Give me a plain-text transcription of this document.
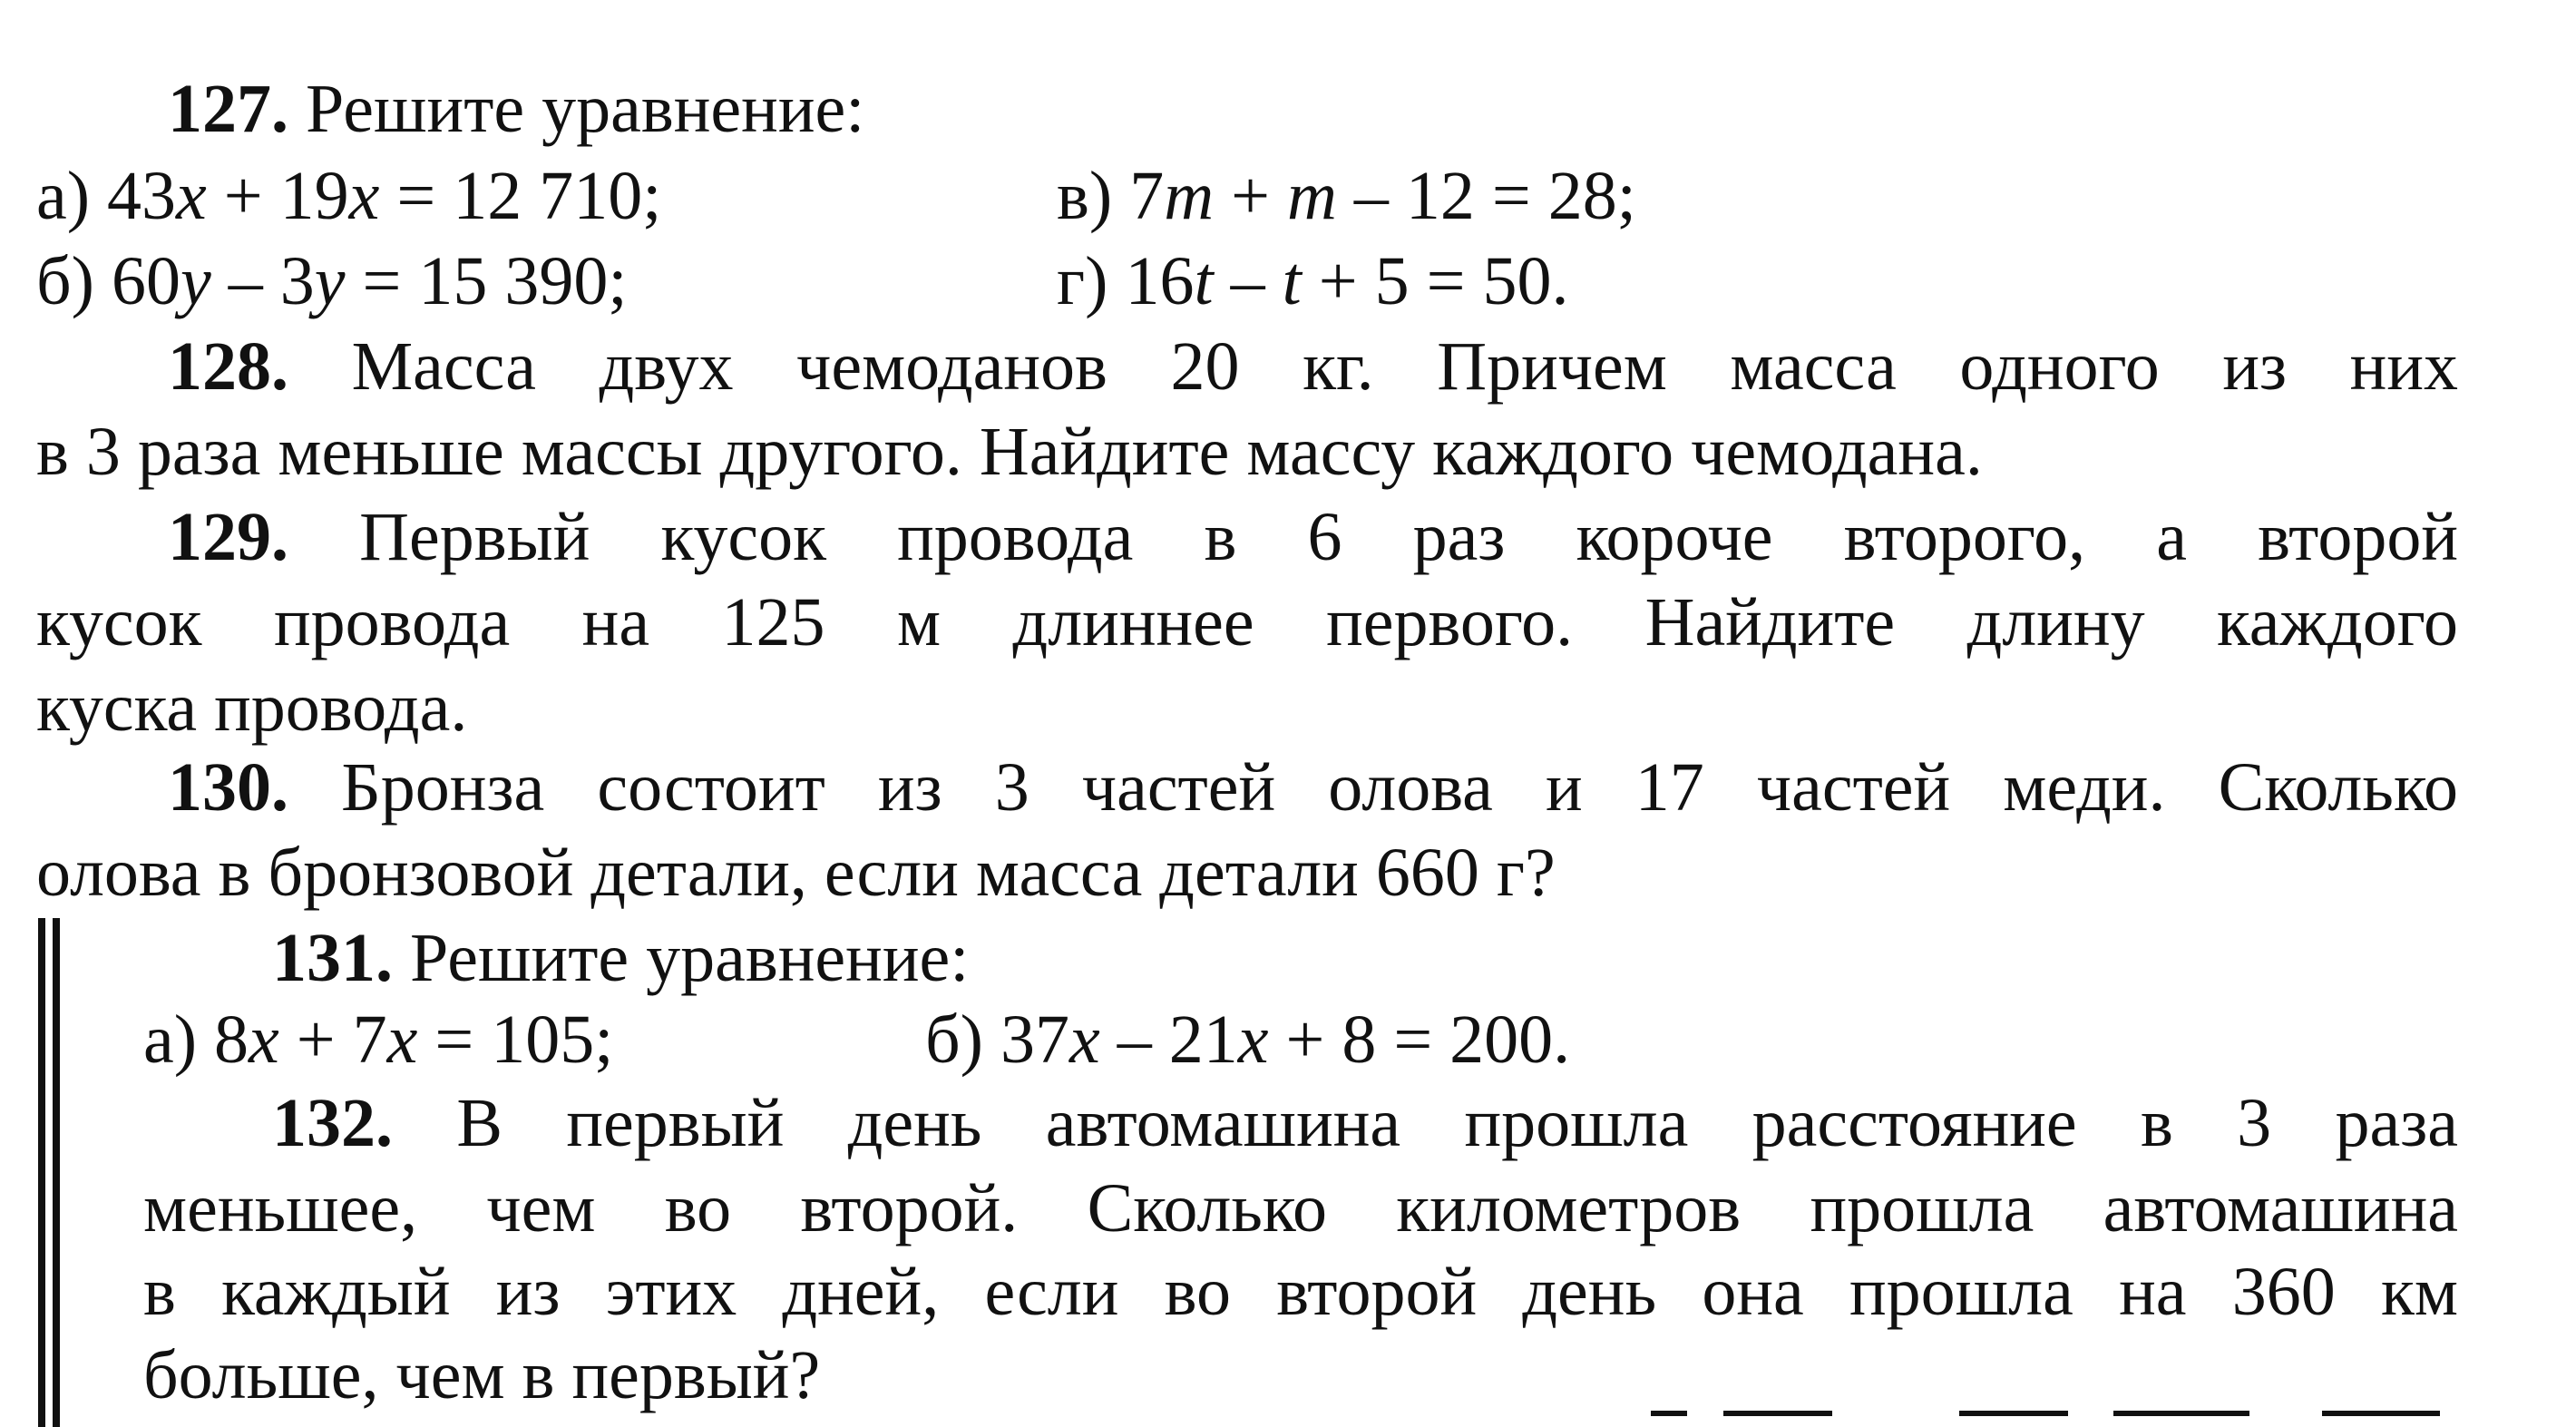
127. Решите уравнение:
а) 43x + 19x = 12 710;	в) 7m + m – 12 = 28;
б) 60y – 3y = 15 390;	г) 16t – t + 5 = 50.
128. Масса двух чемоданов 20 кг. Причем масса одного из них
в 3 раза меньше массы другого. Найдите массу каждого чемодана.
129. Первый кусок провода в 6 раз короче второго, а второй
кусок провода на 125 м длиннее первого. Найдите длину каждого
куска провода.
130. Бронза состоит из 3 частей олова и 17 частей меди. Сколько
олова в бронзовой детали, если масса детали 660 г?
131. Решите уравнение:
а) 8x + 7x = 105;	б) 37x – 21x + 8 = 200.
132. В первый день автомашина прошла расстояние в 3 раза
меньшее, чем во второй. Сколько километров прошла автомашина
в каждый из этих дней, если во второй день она прошла на 360 км
больше, чем в первый?
